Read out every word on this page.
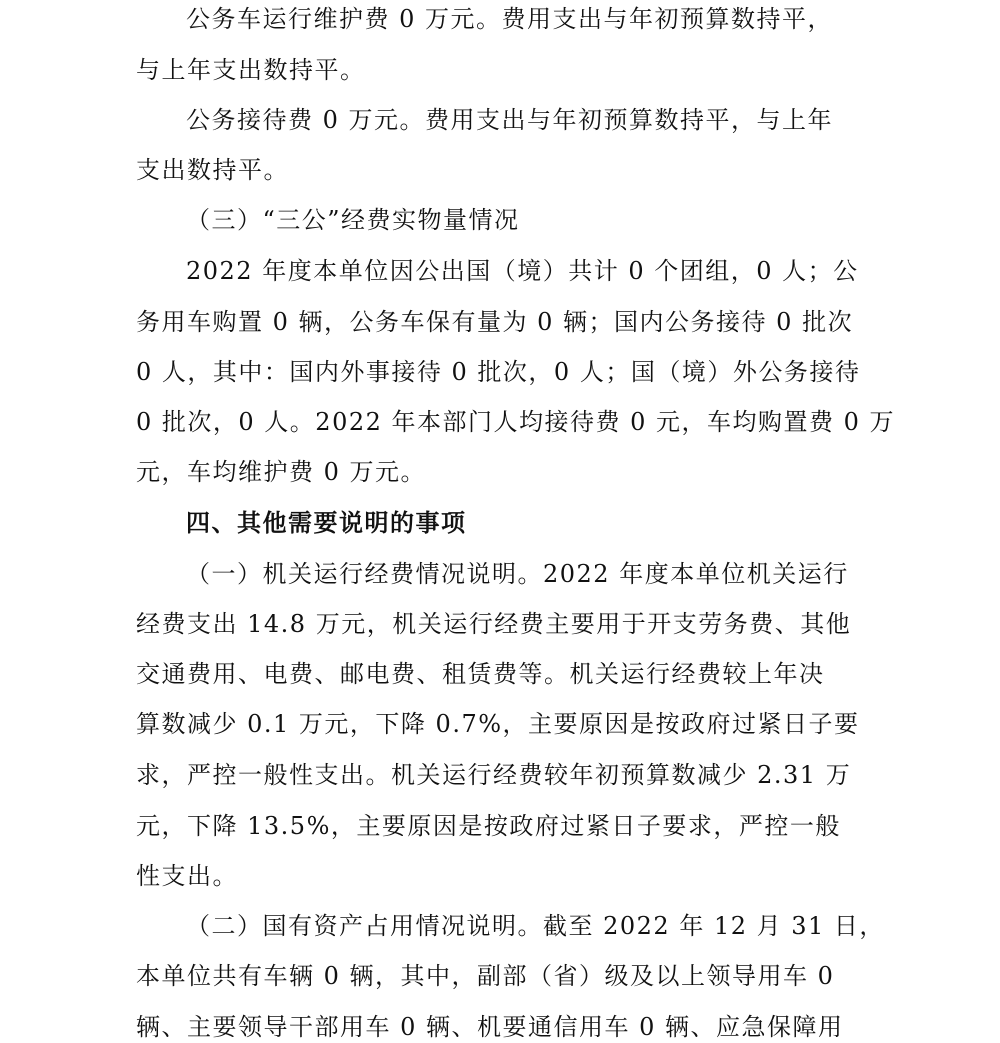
公务车运行维护费 0 万元。费用支出与年初预算数持平，
与上年支出数持平。
公务接待费 0 万元。费用支出与年初预算数持平，与上年
支出数持平。
（三）“三公”经费实物量情况
2022 年度本单位因公出国（境）共计 0 个团组，0 人；公
务用车购置 0 辆，公务车保有量为 0 辆；国内公务接待 0 批次
0 人，其中：国内外事接待 0 批次，0 人；国（境）外公务接待
0 批次，0 人。2022 年本部门人均接待费 0 元，车均购置费 0 万
元，车均维护费 0 万元。
四、其他需要说明的事项
（一）机关运行经费情况说明。2022 年度本单位机关运行
经费支出 14.8 万元，机关运行经费主要用于开支劳务费、其他
交通费用、电费、邮电费、租赁费等。机关运行经费较上年决
算数减少 0.1 万元，下降 0.7%，主要原因是按政府过紧日子要
求，严控一般性支出。机关运行经费较年初预算数减少 2.31 万
元，下降 13.5%，主要原因是按政府过紧日子要求，严控一般
性支出。
（二）国有资产占用情况说明。截至 2022 年 12 月 31 日，
本单位共有车辆 0 辆，其中，副部（省）级及以上领导用车 0
辆、主要领导干部用车 0 辆、机要通信用车 0 辆、应急保障用
